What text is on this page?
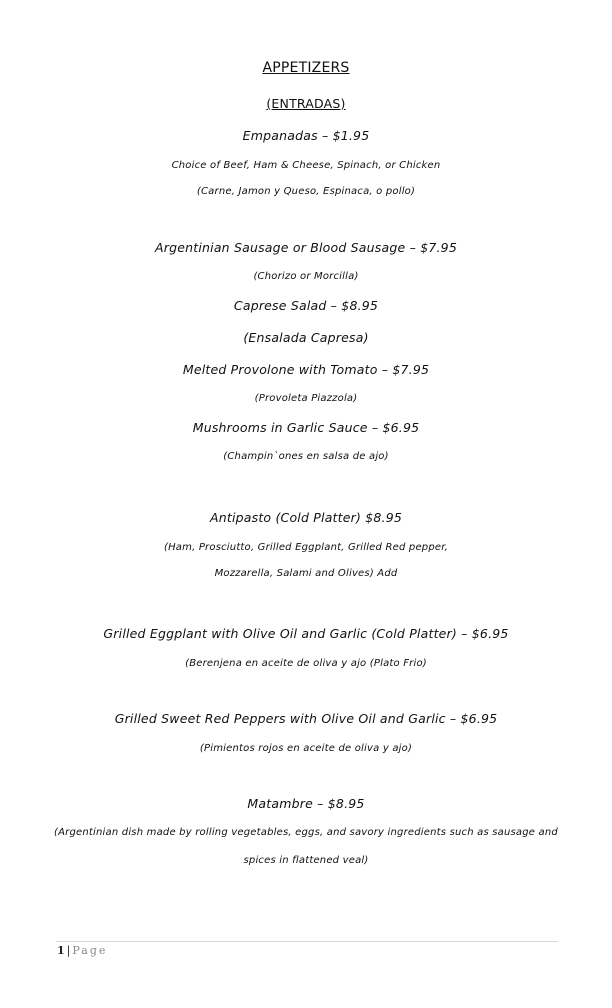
APPETIZERS
(ENTRADAS)
Empanadas – $1.95
Choice of Beef, Ham & Cheese, Spinach, or Chicken
(Carne, Jamon y Queso, Espinaca, o pollo)
Argentinian Sausage or Blood Sausage – $7.95
(Chorizo or Morcilla)
Caprese Salad – $8.95
(Ensalada Capresa)
Melted Provolone with Tomato – $7.95
(Provoleta Piazzola)
Mushrooms in Garlic Sauce – $6.95
(Champin`ones en salsa de ajo)
Antipasto (Cold Platter) $8.95
(Ham, Prosciutto, Grilled Eggplant, Grilled Red pepper,
Mozzarella, Salami and Olives) Add
Grilled Eggplant with Olive Oil and Garlic (Cold Platter) – $6.95
(Berenjena en aceite de oliva y ajo (Plato Frio)
Grilled Sweet Red Peppers with Olive Oil and Garlic – $6.95
(Pimientos rojos en aceite de oliva y ajo)
Matambre – $8.95
(Argentinian dish made by rolling vegetables, eggs, and savory ingredients such as sausage and
spices in flattened veal)
1 | Page
